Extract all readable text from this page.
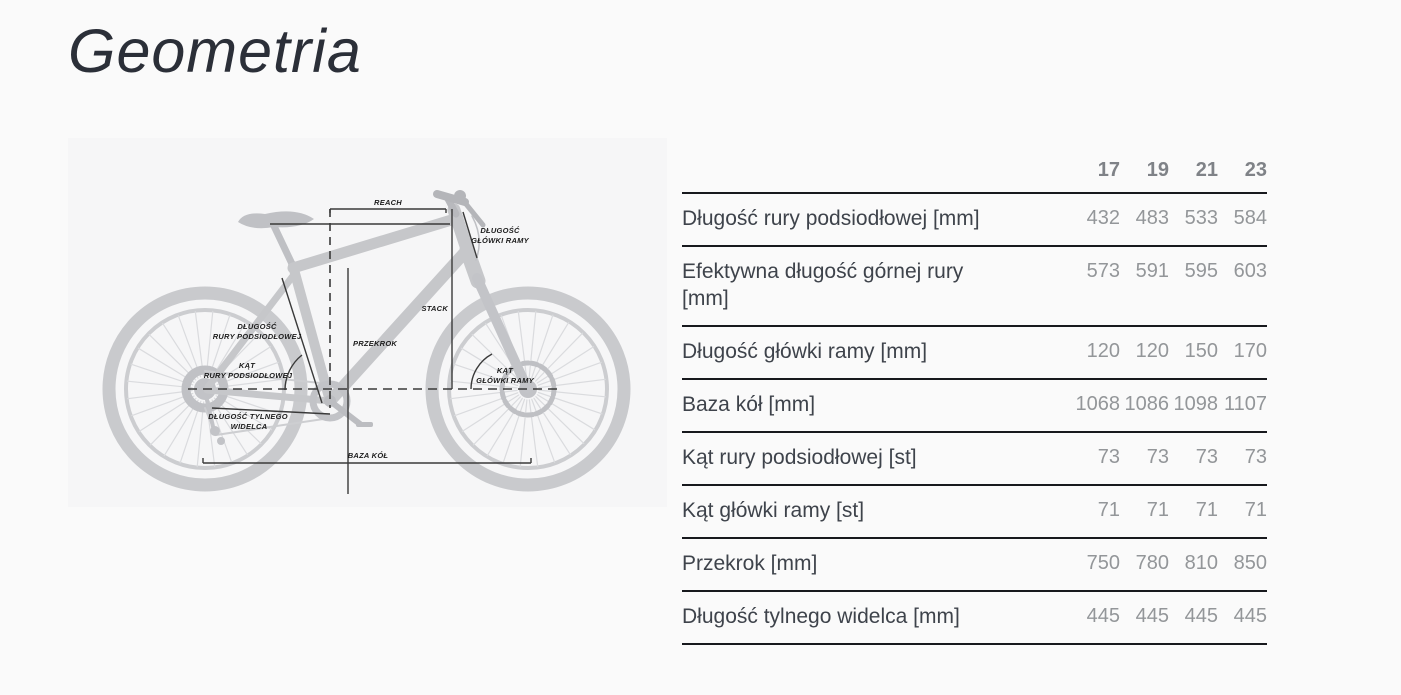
Geometria
REACH
STACK
PRZEKROK
BAZA KÓŁ
DŁUGOŚĆ
GŁÓWKI RAMY
DŁUGOŚĆ
RURY PODSIODŁOWEJ
KĄT
RURY PODSIODŁOWEJ
KĄT
GŁÓWKI RAMY
DŁUGOŚĆ TYLNEGO
WIDELCA
	17	19	21	23
Długość rury podsiodłowej [mm]	432	483	533	584
Efektywna długość górnej rury [mm]	573	591	595	603
Długość główki ramy [mm]	120	120	150	170
Baza kół [mm]	1068	1086	1098	1107
Kąt rury podsiodłowej [st]	73	73	73	73
Kąt główki ramy [st]	71	71	71	71
Przekrok [mm]	750	780	810	850
Długość tylnego widelca [mm]	445	445	445	445
